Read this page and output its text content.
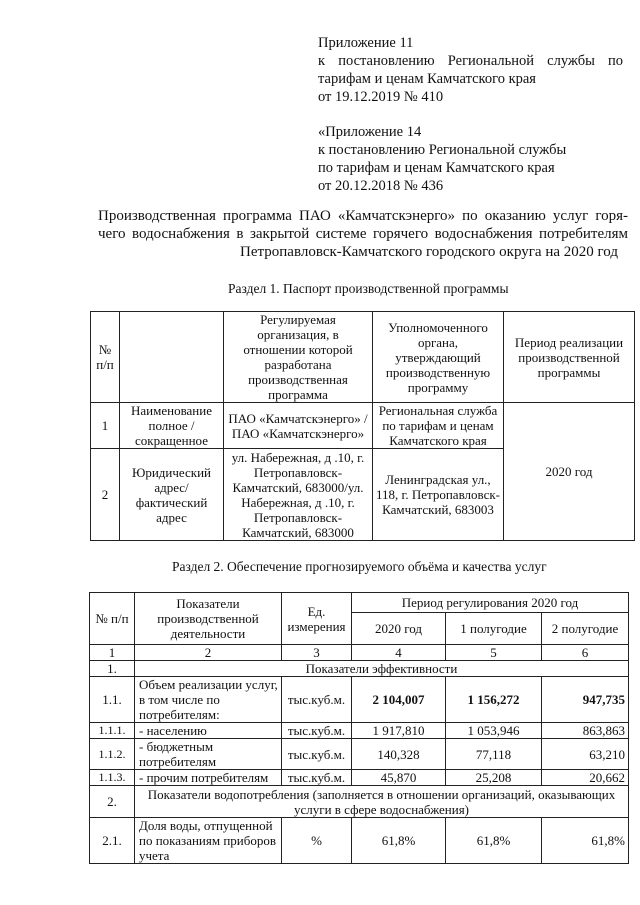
Приложение 11
к постановлению Региональной службы по
тарифам и ценам Камчатского края
от 19.12.2019 № 410
«Приложение 14
к постановлению Региональной службы
по тарифам и ценам Камчатского края
от 20.12.2018 № 436
Производственная программа ПАО «Камчатскэнерго» по оказанию услуг горя-
чего водоснабжения в закрытой системе горячего водоснабжения потребителям
Петропавловск-Камчатского городского округа на 2020 год
Раздел 1. Паспорт производственной программы
№ п/п		Регулируемая организация, в отношении которой разработана производственная программа	Уполномоченного органа, утверждающий производственную программу	Период реализации производственной программы
1	Наименование полное / сокращенное	ПАО «Камчатскэнерго» / ПАО «Камчатскэнерго»	Региональная служба по тарифам и ценам Камчатского края	2020 год
2	Юридический адрес/фактический адрес	ул. Набережная, д .10, г. Петропавловск-Камчатский, 683000/ул. Набережная, д .10, г. Петропавловск-Камчатский, 683000	Ленинградская ул., 118, г. Петропавловск-Камчатский, 683003	
Раздел 2. Обеспечение прогнозируемого объёма и качества услуг
№ п/п	Показатели производственной деятельности	Ед. измерения	Период регулирования 2020 год		
			2020 год	1 полугодие	2 полугодие
1	2	3	4	5	6
1.	Показатели эффективности				
1.1.	Объем реализации услуг, в том числе по потребителям:	тыс.куб.м.	2 104,007	1 156,272	947,735
1.1.1.	- населению	тыс.куб.м.	1 917,810	1 053,946	863,863
1.1.2.	- бюджетным потребителям	тыс.куб.м.	140,328	77,118	63,210
1.1.3.	- прочим потребителям	тыс.куб.м.	45,870	25,208	20,662
2.	Показатели водопотребления (заполняется в отношении организаций, оказывающих услуги в сфере водоснабжения)				
2.1.	Доля воды, отпущенной по показаниям приборов учета	%	61,8%	61,8%	61,8%
